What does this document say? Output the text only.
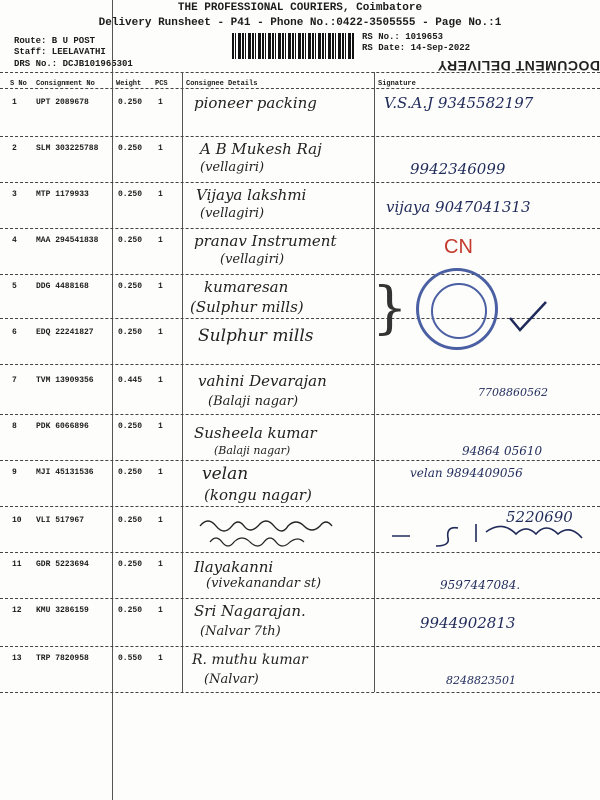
THE PROFESSIONAL COURIERS, Coimbatore
Delivery Runsheet - P41 - Phone No.:0422-3505555 - Page No.:1
Route: B U POST
Staff: LEELAVATHI
DRS No.: DCJB101965301
RS No.: 1019653
RS Date: 14-Sep-2022
DOCUMENT DELIVERY
S No Consignment No	Weight PCS	Consignee Details	Signature
1 UPT 2089678	0.250 1 pioneer packing	V.S.A.J 9345582197
2 SLM 303225788 0.250 1 A B Mukesh Raj
(vellagiri)	9942346099
3 MTP 1179933	0.250 1 Vijaya lakshmi
(vellagiri)	vijaya 9047041313
4 MAA 294541838 0.250 1 pranav Instrument
(vellagiri)
CN
5 DDG 4488168	0.250 1	kumaresan
(Sulphur mills)
6 EDQ 22241827	0.250 1 Sulphur mills }
7 TVM 13909356	0.445 1 vahini Devarajan
(Balaji nagar)
7708860562
8 PDK 6066896	0.250 1 Susheela kumar
(Balaji nagar)	94864 05610
9 MJI 45131536	0.250 1 velan
(kongu nagar)
velan 9894409056
10 VLI 517967	0.250 1	5220690
11 GDR 5223694	0.250 1 Ilayakanni
(vivekanandar st)	9597447084.
12 KMU 3286159	0.250 1 Sri Nagarajan.
(Nalvar 7th)	9944902813
13 TRP 7820958	0.550 1 R. muthu kumar
(Nalvar)	8248823501
